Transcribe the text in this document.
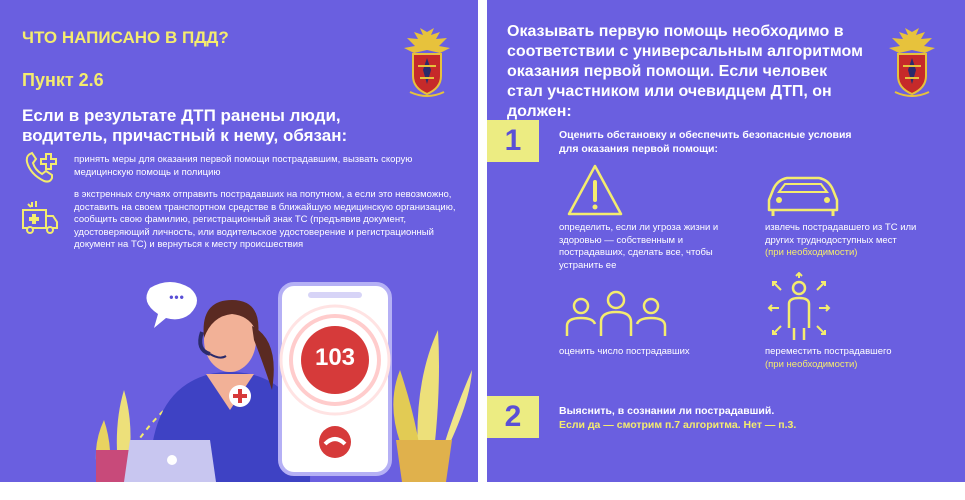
ЧТО НАПИСАНО В ПДД?
Пункт 2.6
Если в результате ДТП ранены люди, водитель, причастный к нему, обязан:
принять меры для оказания первой помощи пострадавшим, вызвать скорую медицинскую помощь и полицию
в экстренных случаях отправить пострадавших на попутном, а если это невозможно, доставить на своем транспортном средстве в ближайшую медицинскую организацию, сообщить свою фамилию, регистрационный знак ТС (предъявив документ, удостоверяющий личность, или водительское удостоверение и регистрационный документ на ТС) и вернуться к месту происшествия
•••
103
Оказывать первую помощь необходимо в соответствии с универсальным алгоритмом оказания первой помощи. Если человек стал участником или очевидцем ДТП, он должен:
1	Оценить обстановку и обеспечить безопасные условия для оказания первой помощи:
определить, если ли угроза жизни и здоровью — собственным и пострадавших, сделать все, чтобы устранить ее
извлечь пострадавшего из ТС или других труднодоступных мест
(при необходимости)
оценить число пострадавших	переместить пострадавшего
(при необходимости)
2	Выяснить, в сознании ли пострадавший.
Если да — смотрим п.7 алгоритма. Нет — п.3.
